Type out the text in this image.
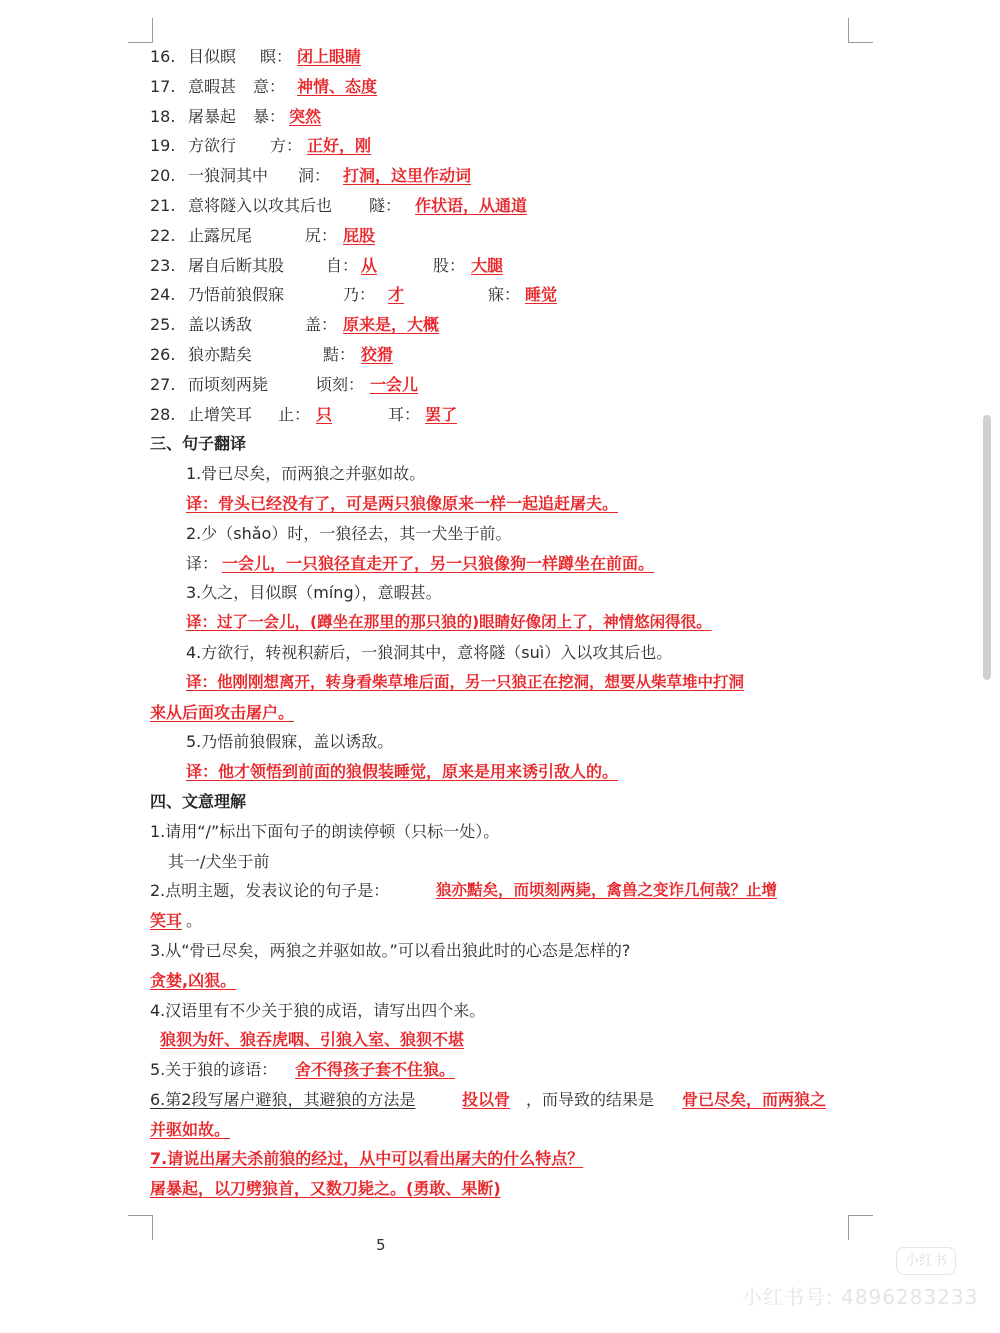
16. 目似瞑 瞑： 闭上眼睛
17. 意暇甚 意： 神情、态度
18. 屠暴起 暴： 突然
19. 方欲行 方： 正好，刚
20. 一狼洞其中 洞： 打洞，这里作动词
21. 意将隧入以攻其后也 隧： 作状语，从通道
22. 止露尻尾	尻： 屁股
23. 屠自后断其股	自： 从	股： 大腿
24. 乃悟前狼假寐	乃： 才	寐： 睡觉
25. 盖以诱敌	盖： 原来是，大概
26. 狼亦黠矣	黠： 狡猾
27. 而顷刻两毙	顷刻： 一会儿
28. 止增笑耳 止： 只	耳： 罢了
三、句子翻译
1.骨已尽矣，而两狼之并驱如故。
译：骨头已经没有了，可是两只狼像原来一样一起追赶屠夫。
2.少（shǎo）时，一狼径去，其一犬坐于前。
译： 一会儿，一只狼径直走开了，另一只狼像狗一样蹲坐在前面。
3.久之，目似瞑（míng），意暇甚。
译：过了一会儿，(蹲坐在那里的那只狼的)眼睛好像闭上了，神情悠闲得很。
4.方欲行，转视积薪后，一狼洞其中，意将隧（suì）入以攻其后也。
译：他刚刚想离开，转身看柴草堆后面，另一只狼正在挖洞，想要从柴草堆中打洞
来从后面攻击屠户。
5.乃悟前狼假寐，盖以诱敌。
译：他才领悟到前面的狼假装睡觉，原来是用来诱引敌人的。
四、文意理解
1.请用“/”标出下面句子的朗读停顿（只标一处）。
其一/犬坐于前
2.点明主题，发表议论的句子是：	狼亦黠矣，而顷刻两毙，禽兽之变诈几何哉？止增
笑耳 。
3.从“骨已尽矣，两狼之并驱如故。”可以看出狼此时的心态是怎样的?
贪婪,凶狠。
4.汉语里有不少关于狼的成语，请写出四个来。
狼狈为奸、狼吞虎咽、引狼入室、狼狈不堪
5.关于狼的谚语： 舍不得孩子套不住狼。
6.第2段写屠户避狼，其避狼的方法是	投以骨 ，而导致的结果是 骨已尽矣，而两狼之
并驱如故。
7.请说出屠夫杀前狼的经过，从中可以看出屠夫的什么特点？
屠暴起，以刀劈狼首，又数刀毙之。(勇敢、果断)
5
小红书
小红书号: 4896283233
